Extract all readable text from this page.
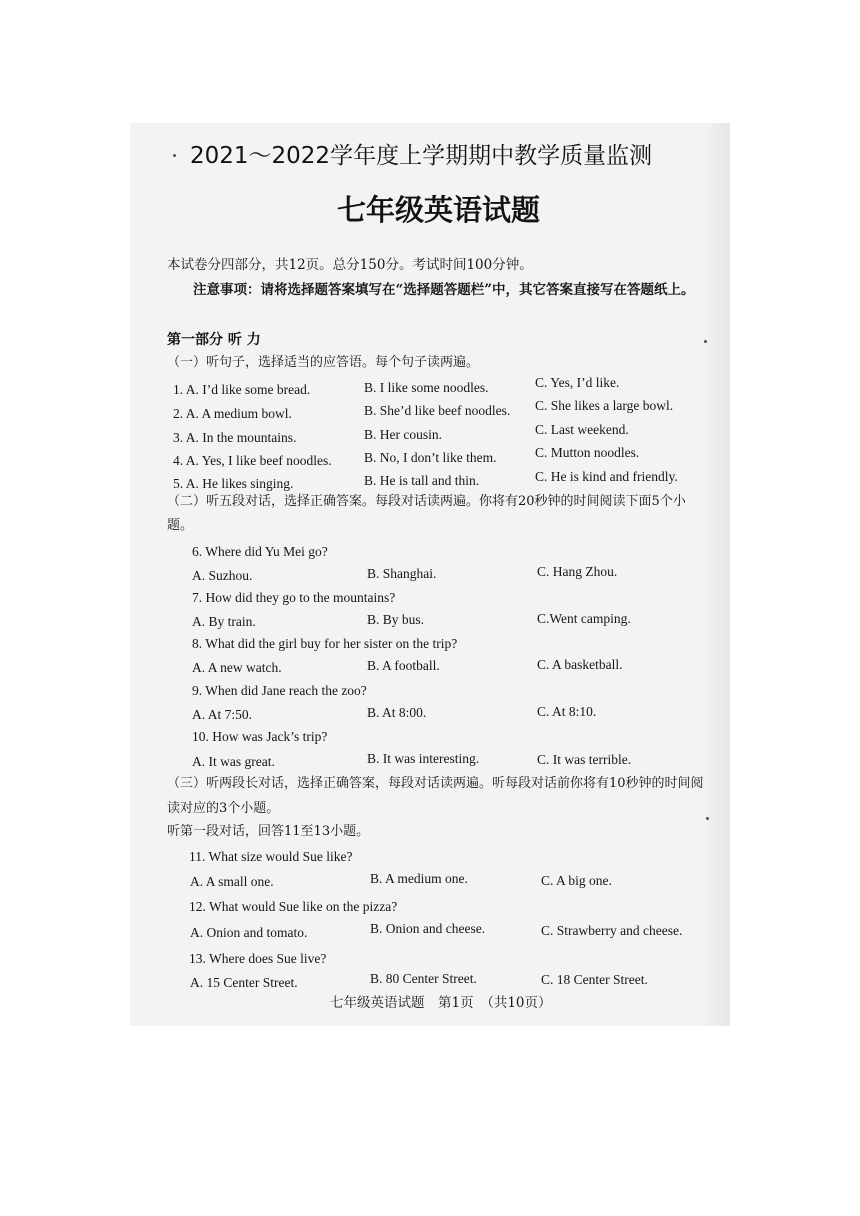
2021～2022学年度上学期期中教学质量监测
七年级英语试题
本试卷分四部分，共12页。总分150分。考试时间100分钟。
注意事项：请将选择题答案填写在“选择题答题栏”中，其它答案直接写在答题纸上。
第一部分 听 力
（一）听句子，选择适当的应答语。每个句子读两遍。
1. A. I’d like some bread.	B. I like some noodles.	C. Yes, I’d like.
2. A. A medium bowl.	B. She’d like beef noodles. C. She likes a large bowl.
3. A. In the mountains.	B. Her cousin.	C. Last weekend.
4. A. Yes, I like beef noodles. B. No, I don’t like them.	C. Mutton noodles.
5. A. He likes singing.	B. He is tall and thin.	C. He is kind and friendly.
（二）听五段对话，选择正确答案。每段对话读两遍。你将有20秒钟的时间阅读下面5个小
题。
6. Where did Yu Mei go?
A. Suzhou.	B. Shanghai.	C. Hang Zhou.
7. How did they go to the mountains?
A. By train.	B. By bus.	C.Went camping.
8. What did the girl buy for her sister on the trip?
A. A new watch.	B. A football.	C. A basketball.
9. When did Jane reach the zoo?
A. At 7:50.	B. At 8:00.	C. At 8:10.
10. How was Jack’s trip?
A. It was great.	B. It was interesting.	C. It was terrible.
（三）听两段长对话，选择正确答案，每段对话读两遍。听每段对话前你将有10秒钟的时间阅
读对应的3个小题。
听第一段对话，回答11至13小题。
11. What size would Sue like?
A. A small one.	B. A medium one.	C. A big one.
12. What would Sue like on the pizza?
A. Onion and tomato.	B. Onion and cheese.	C. Strawberry and cheese.
13. Where does Sue live?
A. 15 Center Street.	B. 80 Center Street.	C. 18 Center Street.
七年级英语试题　第1页　（共10页）
